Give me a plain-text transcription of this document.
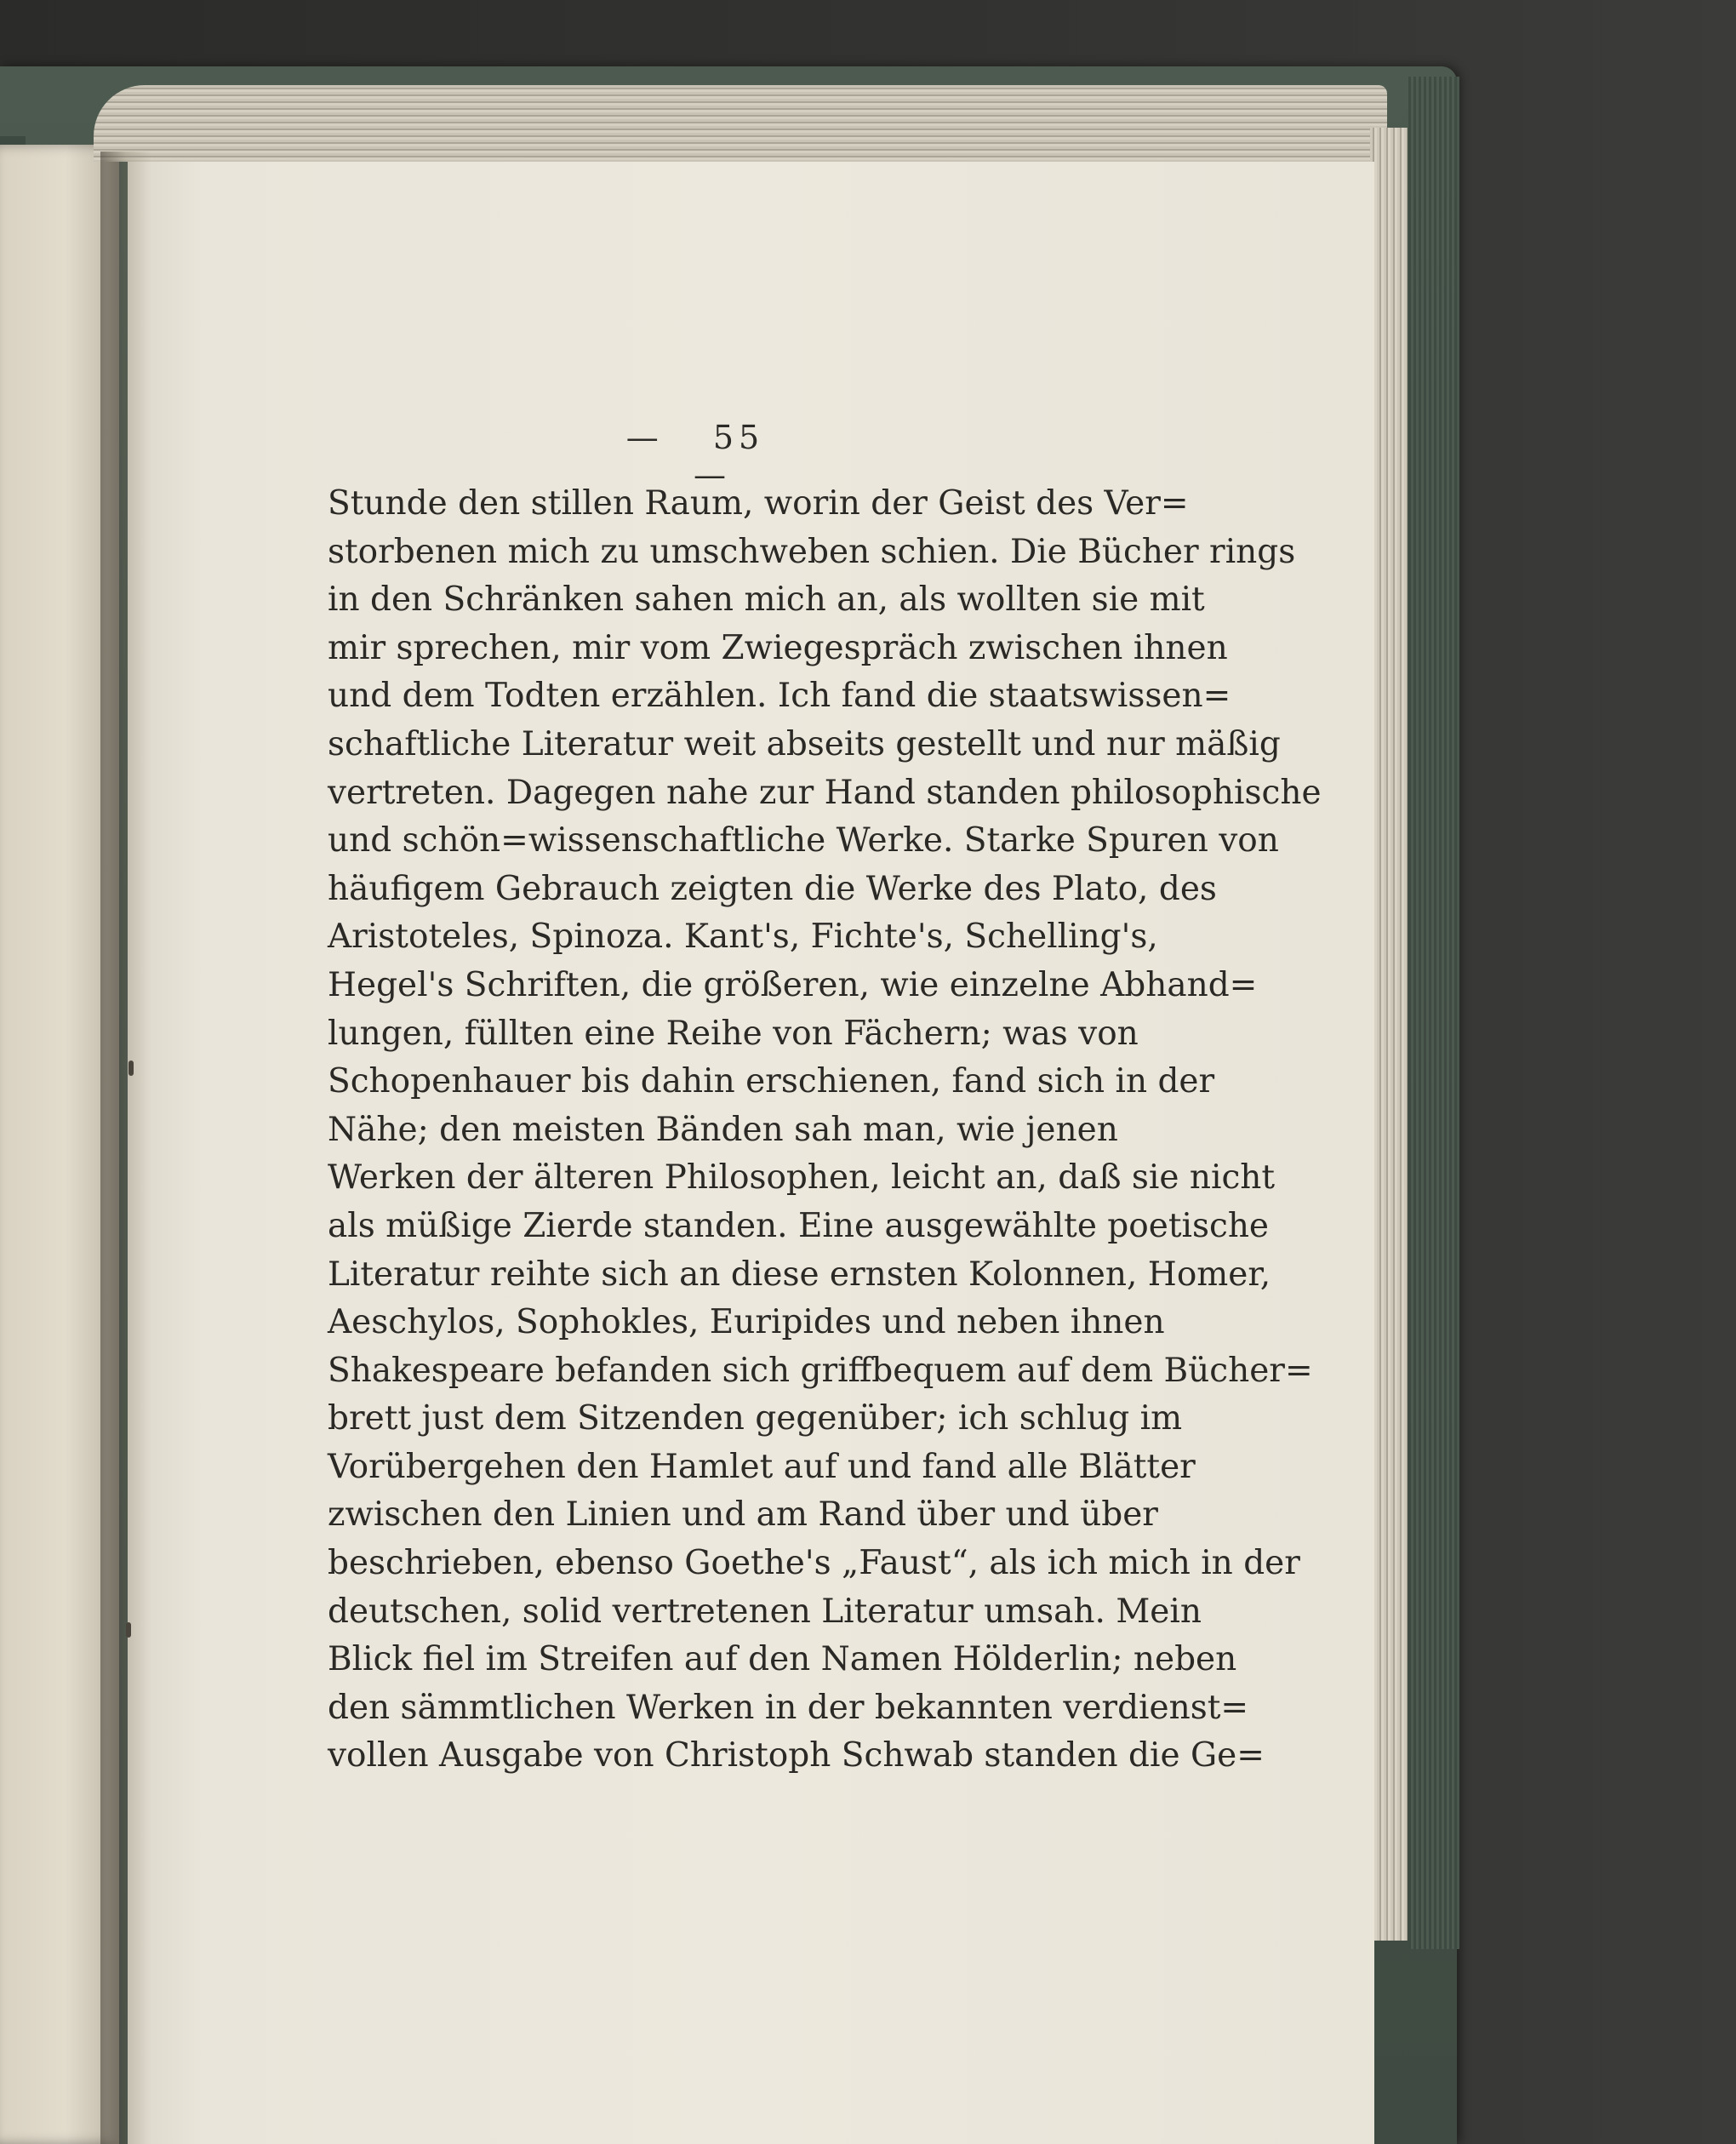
— 55 —
Stunde den stillen Raum, worin der Geist des Ver=
storbenen mich zu umschweben schien. Die Bücher rings
in den Schränken sahen mich an, als wollten sie mit
mir sprechen, mir vom Zwiegespräch zwischen ihnen
und dem Todten erzählen. Ich fand die staatswissen=
schaftliche Literatur weit abseits gestellt und nur mäßig
vertreten. Dagegen nahe zur Hand standen philosophische
und schön=wissenschaftliche Werke. Starke Spuren von
häufigem Gebrauch zeigten die Werke des Plato, des
Aristoteles, Spinoza. Kant's, Fichte's, Schelling's,
Hegel's Schriften, die größeren, wie einzelne Abhand=
lungen, füllten eine Reihe von Fächern; was von
Schopenhauer bis dahin erschienen, fand sich in der
Nähe; den meisten Bänden sah man, wie jenen
Werken der älteren Philosophen, leicht an, daß sie nicht
als müßige Zierde standen. Eine ausgewählte poetische
Literatur reihte sich an diese ernsten Kolonnen, Homer,
Aeschylos, Sophokles, Euripides und neben ihnen
Shakespeare befanden sich griffbequem auf dem Bücher=
brett just dem Sitzenden gegenüber; ich schlug im
Vorübergehen den Hamlet auf und fand alle Blätter
zwischen den Linien und am Rand über und über
beschrieben, ebenso Goethe's „Faust“, als ich mich in der
deutschen, solid vertretenen Literatur umsah. Mein
Blick fiel im Streifen auf den Namen Hölderlin; neben
den sämmtlichen Werken in der bekannten verdienst=
vollen Ausgabe von Christoph Schwab standen die Ge=
